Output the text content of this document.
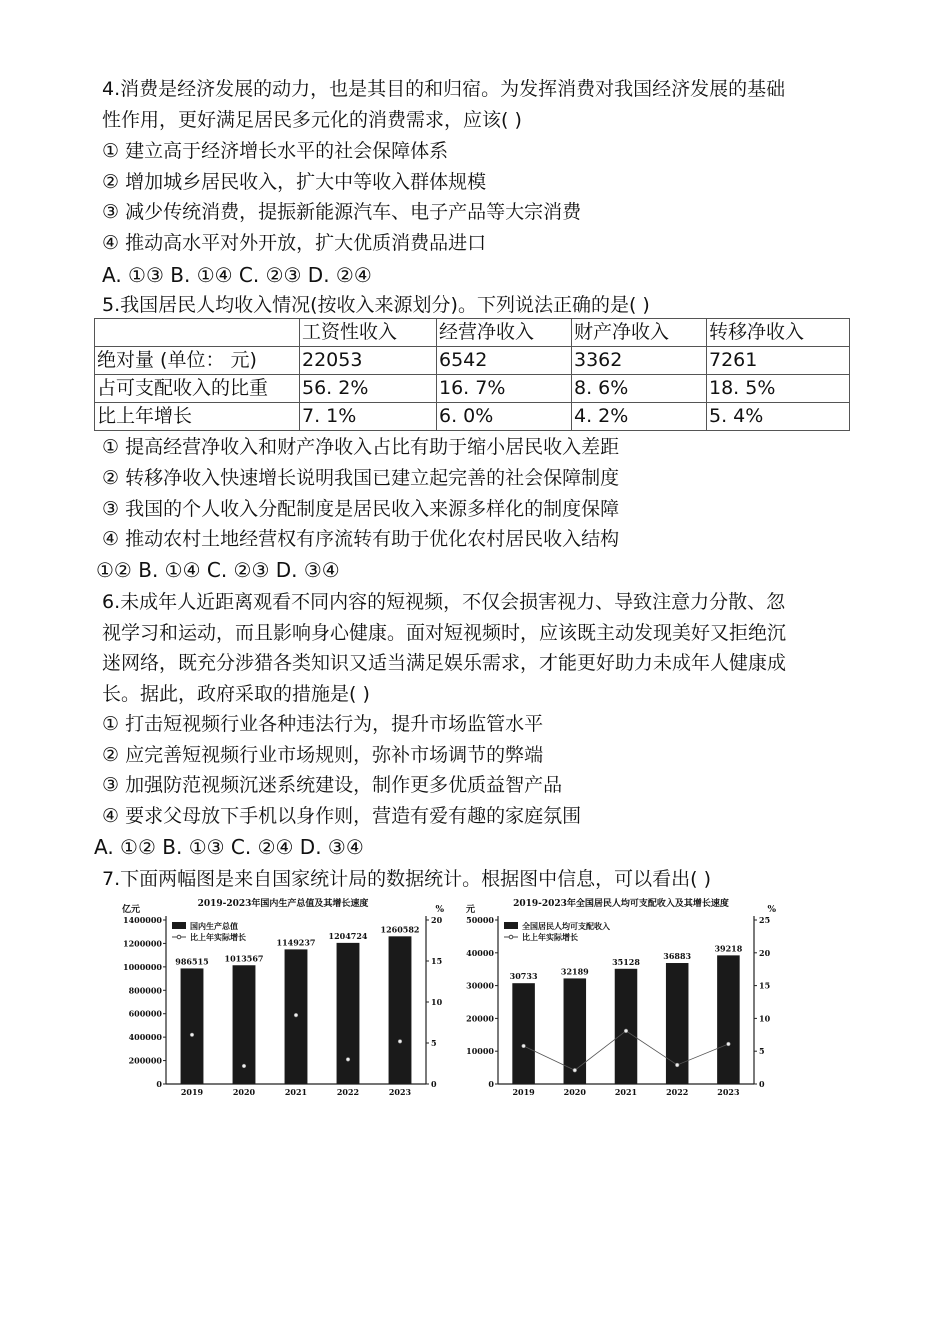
4.消费是经济发展的动力，也是其目的和归宿。为发挥消费对我国经济发展的基础
性作用，更好满足居民多元化的消费需求，应该( )
① 建立高于经济增长水平的社会保障体系
② 增加城乡居民收入，扩大中等收入群体规模
③ 减少传统消费，提振新能源汽车、电子产品等大宗消费
④ 推动高水平对外开放，扩大优质消费品进口
A. ①③ B. ①④ C. ②③ D. ②④
5.我国居民人均收入情况(按收入来源划分)。下列说法正确的是( )
	工资性收入	经营净收入	财产净收入	转移净收入
绝对量 (单位： 元)	22053	6542	3362	7261
占可支配收入的比重	56. 2%	16. 7%	8. 6%	18. 5%
比上年增长	7. 1%	6. 0%	4. 2%	5. 4%
① 提高经营净收入和财产净收入占比有助于缩小居民收入差距
② 转移净收入快速增长说明我国已建立起完善的社会保障制度
③ 我国的个人收入分配制度是居民收入来源多样化的制度保障
④ 推动农村土地经营权有序流转有助于优化农村居民收入结构
①② B. ①④ C. ②③ D. ③④
6.未成年人近距离观看不同内容的短视频，不仅会损害视力、导致注意力分散、忽
视学习和运动，而且影响身心健康。面对短视频时，应该既主动发现美好又拒绝沉
迷网络，既充分涉猎各类知识又适当满足娱乐需求，才能更好助力未成年人健康成
长。据此，政府采取的措施是( )
① 打击短视频行业各种违法行为，提升市场监管水平
② 应完善短视频行业市场规则，弥补市场调节的弊端
③ 加强防范视频沉迷系统建设，制作更多优质益智产品
④ 要求父母放下手机以身作则，营造有爱有趣的家庭氛围
A. ①② B. ①③ C. ②④ D. ③④
7.下面两幅图是来自国家统计局的数据统计。根据图中信息，可以看出( )
2019-2023年国内生产总值及其增长速度
亿元	%
0
200000
400000
600000
800000
1000000
1200000
1400000
0
5
10
15
20
国内生产总值
比上年实际增长
986515
2019
1013567
2020
1149237
2021
1204724
2022
1260582
2023
2019-2023年全国居民人均可支配收入及其增长速度
元	%
0
10000
20000
30000
40000
50000
0
5
10
15
20
25
全国居民人均可支配收入
比上年实际增长
30733
2019
32189
2020
35128
2021
36883
2022
39218
2023
